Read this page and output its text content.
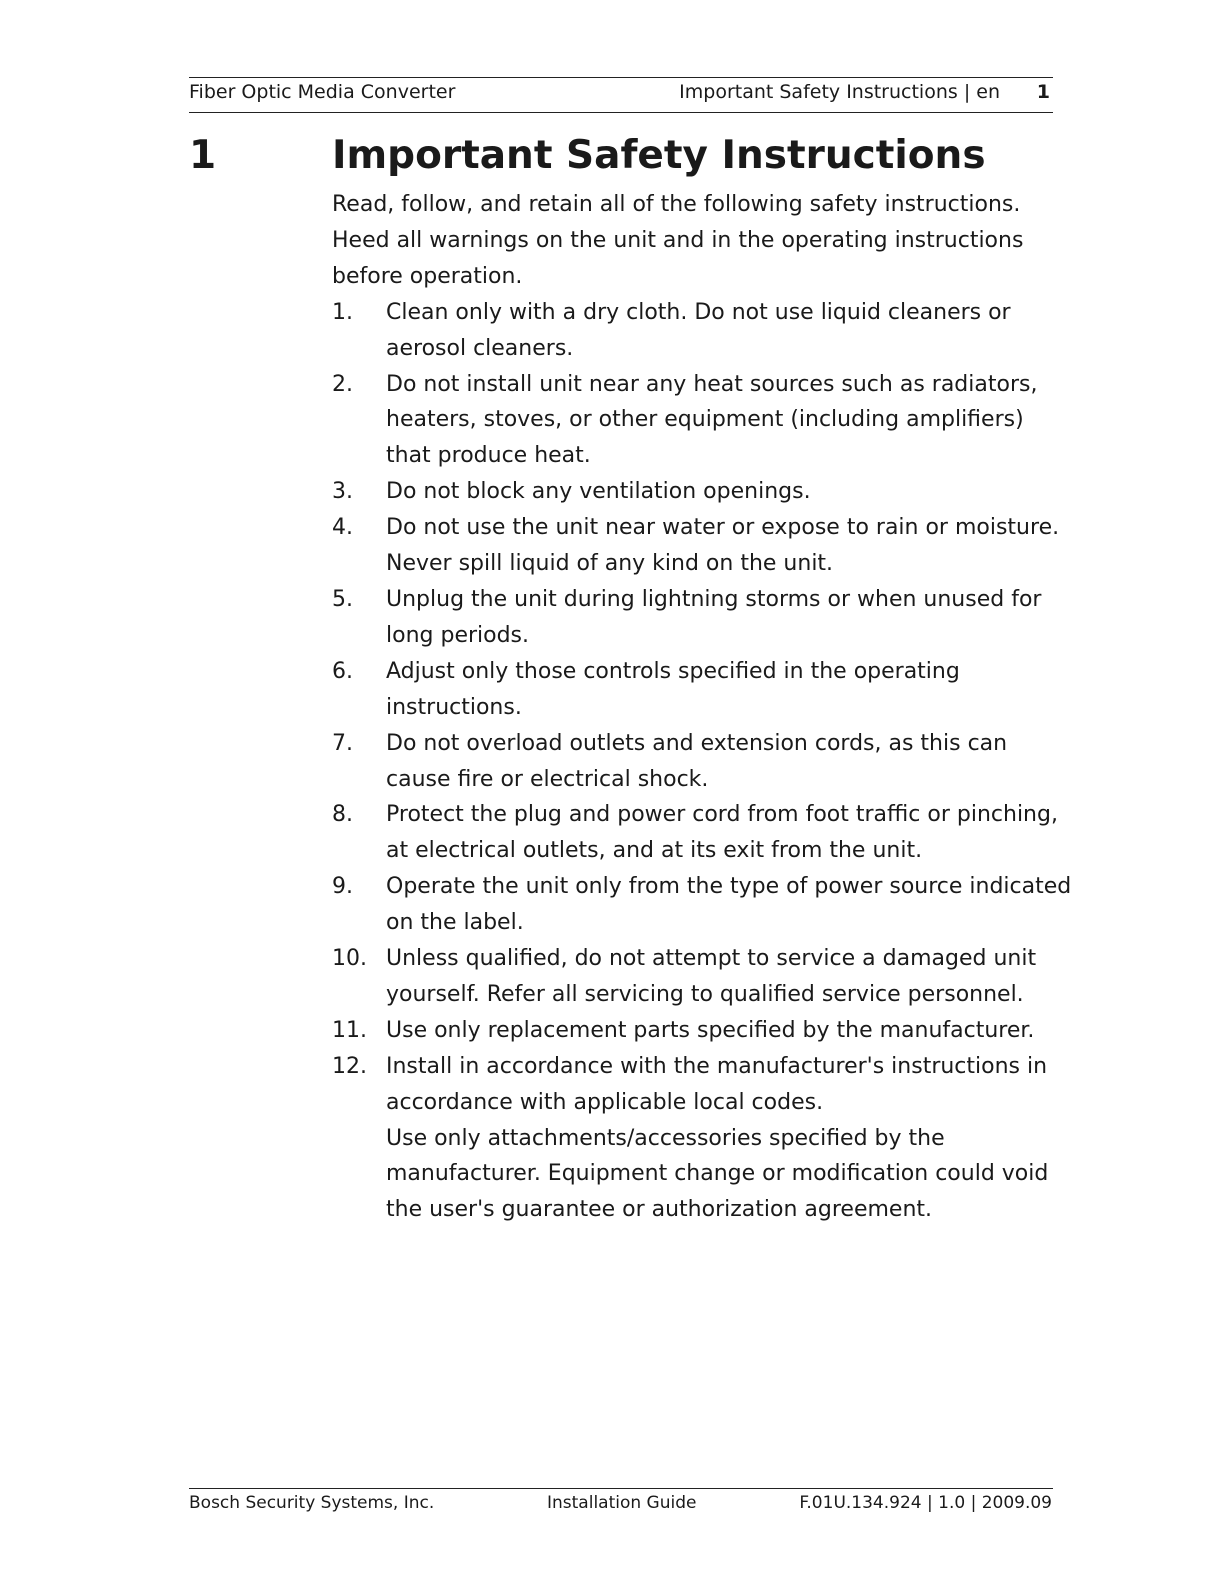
Fiber Optic Media Converter	Important Safety Instructions | en 1
1	Important Safety Instructions

Read, follow, and retain all of the following safety instructions. Heed all warnings on the unit and in the operating instructions before operation.

1. Clean only with a dry cloth. Do not use liquid cleaners or aerosol cleaners.
2. Do not install unit near any heat sources such as radiators, heaters, stoves, or other equipment (including amplifiers) that produce heat.
3. Do not block any ventilation openings.
4. Do not use the unit near water or expose to rain or moisture. Never spill liquid of any kind on the unit.
5. Unplug the unit during lightning storms or when unused for long periods.
6. Adjust only those controls specified in the operating instructions.
7. Do not overload outlets and extension cords, as this can cause fire or electrical shock.
8. Protect the plug and power cord from foot traffic or pinching, at electrical outlets, and at its exit from the unit.
9. Operate the unit only from the type of power source indicated on the label.
10. Unless qualified, do not attempt to service a damaged unit yourself. Refer all servicing to qualified service personnel.
11. Use only replacement parts specified by the manufacturer.
12. Install in accordance with the manufacturer's instructions in accordance with applicable local codes.
Use only attachments/accessories specified by the manufacturer. Equipment change or modification could void the user's guarantee or authorization agreement.
Bosch Security Systems, Inc.	Installation Guide	F.01U.134.924 | 1.0 | 2009.09
